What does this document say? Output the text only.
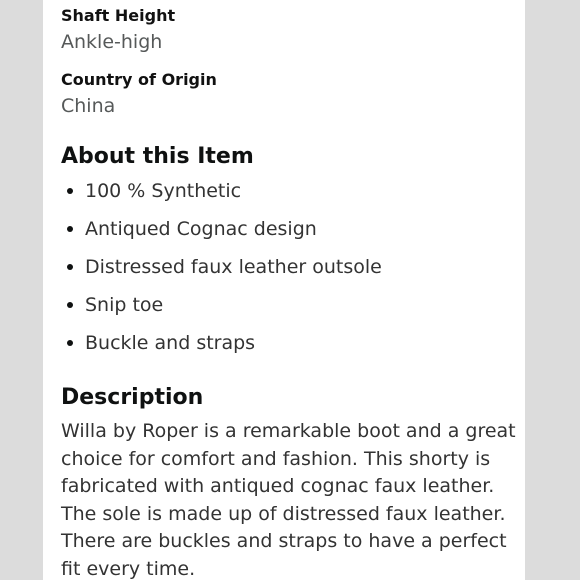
Shaft Height
Ankle-high
Country of Origin
China
About this Item
100 % Synthetic
Antiqued Cognac design
Distressed faux leather outsole
Snip toe
Buckle and straps
Description

Willa by Roper is a remarkable boot and a great choice for comfort and fashion. This shorty is fabricated with antiqued cognac faux leather. The sole is made up of distressed faux leather. There are buckles and straps to have a perfect fit every time.
